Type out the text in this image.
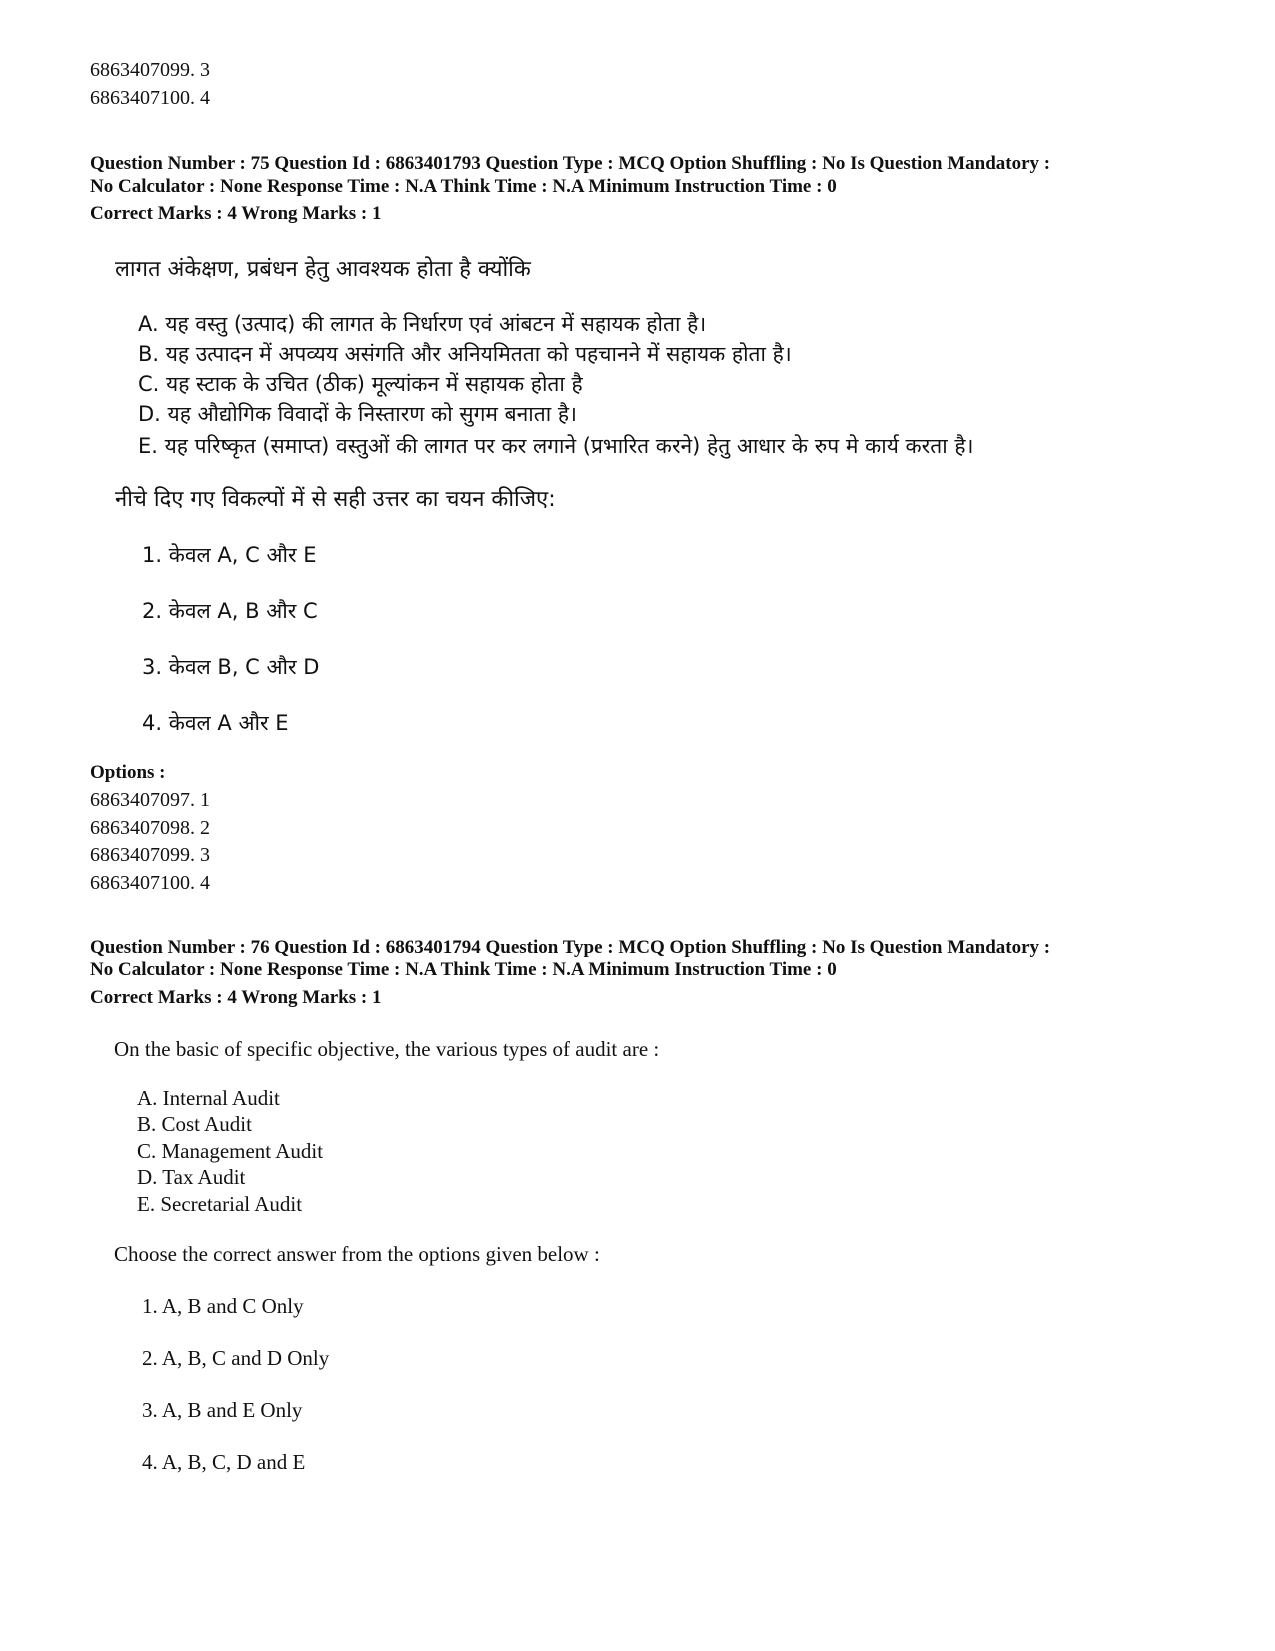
6863407099. 3
6863407100. 4
Question Number : 75 Question Id : 6863401793 Question Type : MCQ Option Shuffling : No Is Question Mandatory :
No Calculator : None Response Time : N.A Think Time : N.A Minimum Instruction Time : 0
Correct Marks : 4 Wrong Marks : 1
लागत अंकेक्षण, प्रबंधन हेतु आवश्यक होता है क्योंकि
A. यह वस्तु (उत्पाद) की लागत के निर्धारण एवं आंबटन में सहायक होता है।
B. यह उत्पादन में अपव्यय असंगति और अनियमितता को पहचानने में सहायक होता है।
C. यह स्टाक के उचित (ठीक) मूल्यांकन में सहायक होता है
D. यह औद्योगिक विवादों के निस्तारण को सुगम बनाता है।
E. यह परिष्कृत (समाप्त) वस्तुओं की लागत पर कर लगाने (प्रभारित करने) हेतु आधार के रुप मे कार्य करता है।
नीचे दिए गए विकल्पों में से सही उत्तर का चयन कीजिए:
1. केवल A, C और E
2. केवल A, B और C
3. केवल B, C और D
4. केवल A और E
Options :
6863407097. 1
6863407098. 2
6863407099. 3
6863407100. 4
Question Number : 76 Question Id : 6863401794 Question Type : MCQ Option Shuffling : No Is Question Mandatory :
No Calculator : None Response Time : N.A Think Time : N.A Minimum Instruction Time : 0
Correct Marks : 4 Wrong Marks : 1
On the basic of specific objective, the various types of audit are :
A. Internal Audit
B. Cost Audit
C. Management Audit
D. Tax Audit
E. Secretarial Audit
Choose the correct answer from the options given below :
1. A, B and C Only
2. A, B, C and D Only
3. A, B and E Only
4. A, B, C, D and E
